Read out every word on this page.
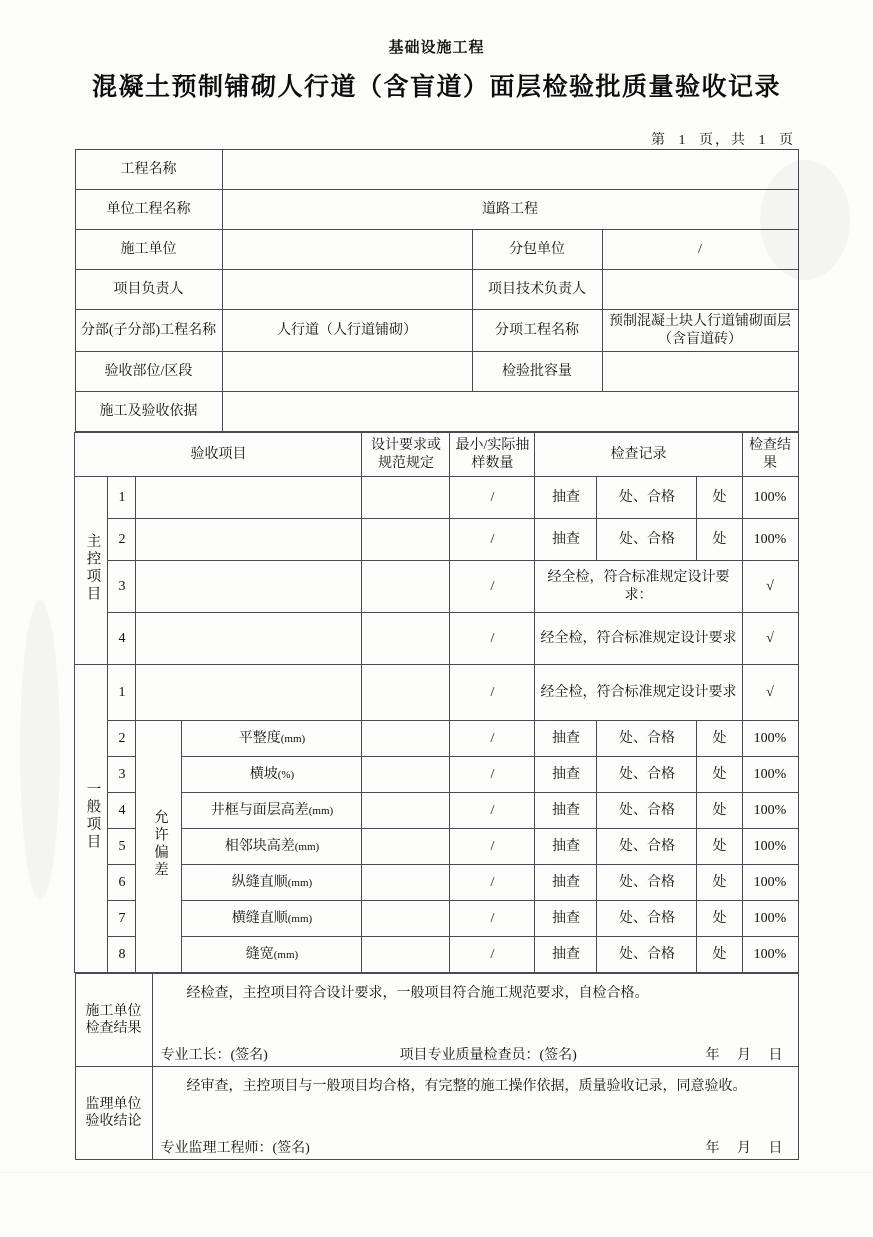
基础设施工程
混凝土预制铺砌人行道（含盲道）面层检验批质量验收记录
第 1 页，共 1 页
工程名称			
单位工程名称	道路工程		
施工单位		分包单位	/
项目负责人		项目技术负责人	
分部(子分部)工程名称	人行道（人行道铺砌）	分项工程名称	预制混凝土块人行道铺砌面层（含盲道砖）
验收部位/区段		检验批容量	
施工及验收依据			
验收项目				设计要求或规范规定	最小/实际抽样数量	检查记录			检查结果
主控项目	1				/	抽查	处、合格	处	100%
	2				/	抽查	处、合格	处	100%
	3				/	经全检，符合标准规定设计要求：			√
	4				/	经全检，符合标准规定设计要求			√
一般项目	1				/	经全检，符合标准规定设计要求			√
	2	允许偏差	平整度(mm)		/	抽查	处、合格	处	100%
	3		横坡(%)		/	抽查	处、合格	处	100%
	4		井框与面层高差(mm)		/	抽查	处、合格	处	100%
	5		相邻块高差(mm)		/	抽查	处、合格	处	100%
	6		纵缝直顺(mm)		/	抽查	处、合格	处	100%
	7		横缝直顺(mm)		/	抽查	处、合格	处	100%
	8		缝宽(mm)		/	抽查	处、合格	处	100%
施工单位
检查结果

经检查，主控项目符合设计要求，一般项目符合施工规范要求，自检合格。
专业工长：(签名)	项目专业质量检查员：(签名)	年 月 日

监理单位
验收结论

经审查，主控项目与一般项目均合格，有完整的施工操作依据，质量验收记录，同意验收。
专业监理工程师：(签名)	年 月 日
